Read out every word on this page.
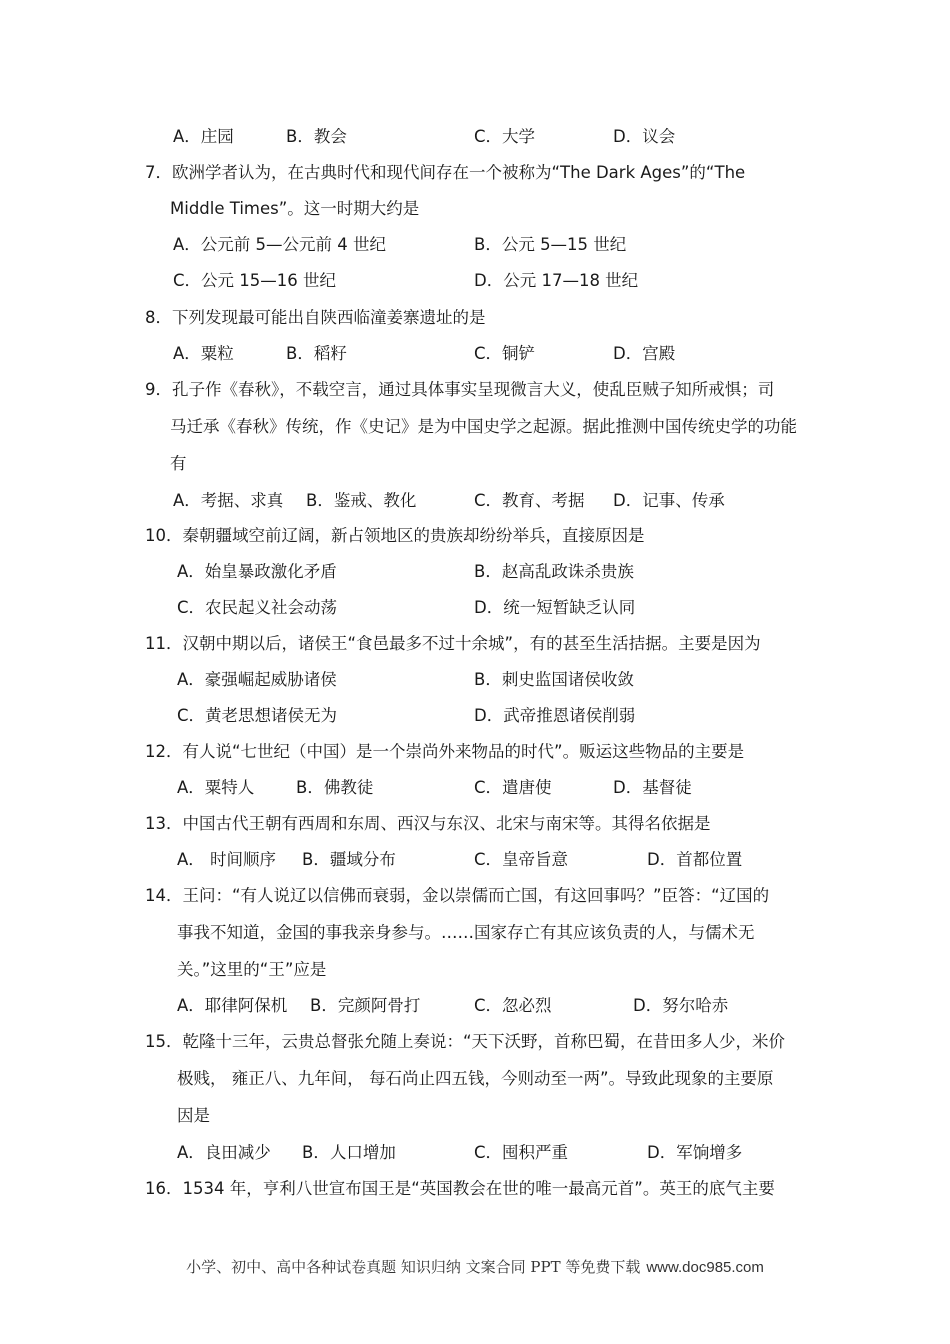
A．庄园	B．教会	C．大学	D．议会
7．欧洲学者认为，在古典时代和现代间存在一个被称为“The Dark Ages”的“The
Middle Times”。这一时期大约是
A．公元前 5—公元前 4 世纪	B．公元 5—15 世纪
C．公元 15—16 世纪	D．公元 17—18 世纪
8．下列发现最可能出自陕西临潼姜寨遗址的是
A．粟粒	B．稻籽	C．铜铲	D．宫殿
9．孔子作《春秋》，不载空言，通过具体事实呈现微言大义，使乱臣贼子知所戒惧；司
马迁承《春秋》传统，作《史记》是为中国史学之起源。据此推测中国传统史学的功能
有
A．考据、求真 B．鉴戒、教化	C．教育、考据 D．记事、传承
10．秦朝疆域空前辽阔，新占领地区的贵族却纷纷举兵，直接原因是
A．始皇暴政激化矛盾	B．赵高乱政诛杀贵族
C．农民起义社会动荡	D．统一短暂缺乏认同
11．汉朝中期以后，诸侯王“食邑最多不过十余城”，有的甚至生活拮据。主要是因为
A．豪强崛起威胁诸侯	B．刺史监国诸侯收敛
C．黄老思想诸侯无为	D．武帝推恩诸侯削弱
12．有人说“七世纪（中国）是一个崇尚外来物品的时代”。贩运这些物品的主要是
A．粟特人	B．佛教徒	C．遣唐使	D．基督徒
13．中国古代王朝有西周和东周、西汉与东汉、北宋与南宋等。其得名依据是
A． 时间顺序 B．疆域分布	C．皇帝旨意	D．首都位置
14．王问：“有人说辽以信佛而衰弱，金以崇儒而亡国，有这回事吗？”臣答：“辽国的
事我不知道，金国的事我亲身参与。……国家存亡有其应该负责的人，与儒术无
关。”这里的“王”应是
A．耶律阿保机 B．完颜阿骨打	C．忽必烈	D．努尔哈赤
15．乾隆十三年，云贵总督张允随上奏说：“天下沃野，首称巴蜀，在昔田多人少，米价
极贱， 雍正八、九年间， 每石尚止四五钱，今则动至一两”。导致此现象的主要原
因是
A．良田减少 B．人口增加	C．囤积严重	D．军饷增多
16．1534 年，亨利八世宣布国王是“英国教会在世的唯一最高元首”。英王的底气主要
小学、初中、高中各种试卷真题 知识归纳 文案合同 PPT 等免费下载 www.doc985.com
